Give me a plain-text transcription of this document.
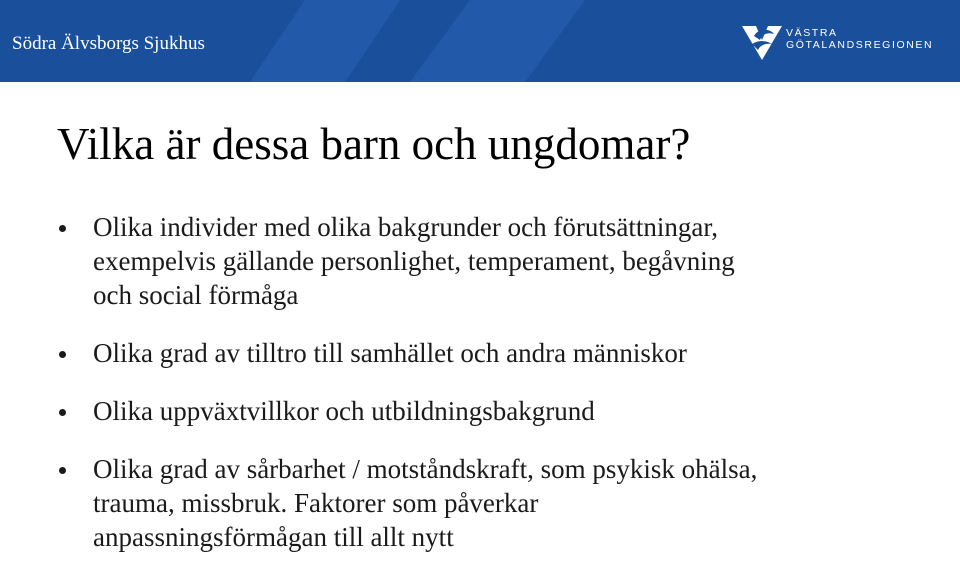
Södra Älvsborgs Sjukhus	VÄSTRA
GÖTALANDSREGIONEN
Vilka är dessa barn och ungdomar?
Olika individer med olika bakgrunder och förutsättningar,
exempelvis gällande personlighet, temperament, begåvning
och social förmåga
Olika grad av tilltro till samhället och andra människor
Olika uppväxtvillkor och utbildningsbakgrund
Olika grad av sårbarhet / motståndskraft, som psykisk ohälsa,
trauma, missbruk. Faktorer som påverkar
anpassningsförmågan till allt nytt
